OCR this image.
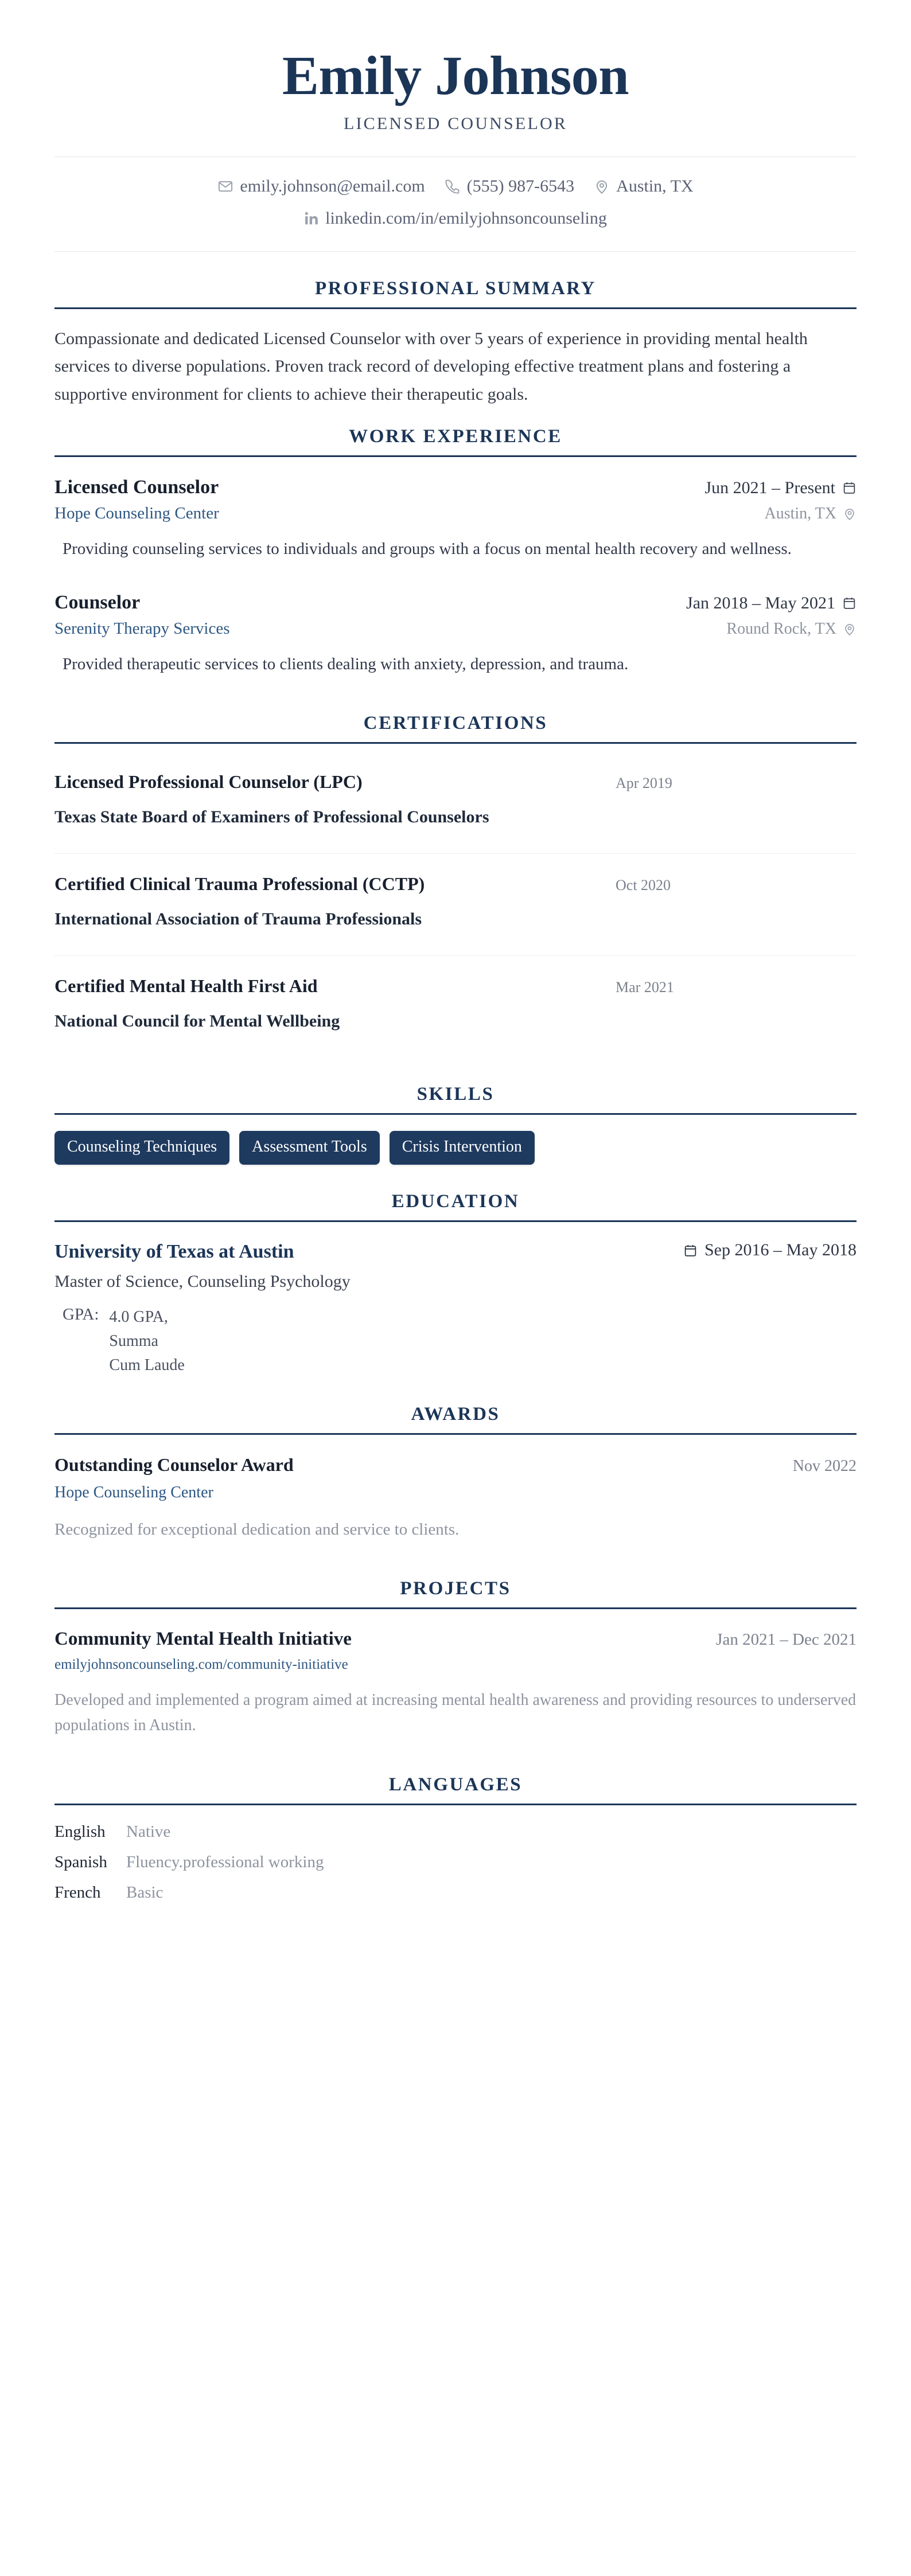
Emily Johnson
LICENSED COUNSELOR
emily.johnson@email.com (555) 987-6543 Austin, TX
linkedin.com/in/emilyjohnsoncounseling
PROFESSIONAL SUMMARY

Compassionate and dedicated Licensed Counselor with over 5 years of experience in providing mental health services to diverse populations. Proven track record of developing effective treatment plans and fostering a supportive environment for clients to achieve their therapeutic goals.

WORK EXPERIENCE
Licensed Counselor	Jun 2021 – Present
Hope Counseling Center	Austin, TX
Providing counseling services to individuals and groups with a focus on mental health recovery and wellness.
Counselor	Jan 2018 – May 2021
Serenity Therapy Services	Round Rock, TX
Provided therapeutic services to clients dealing with anxiety, depression, and trauma.
CERTIFICATIONS
Licensed Professional Counselor (LPC)	Apr 2019
Texas State Board of Examiners of Professional Counselors
Certified Clinical Trauma Professional (CCTP)	Oct 2020
International Association of Trauma Professionals
Certified Mental Health First Aid	Mar 2021
National Council for Mental Wellbeing
SKILLS
Counseling Techniques	Assessment Tools	Crisis Intervention
EDUCATION
University of Texas at Austin	Sep 2016 – May 2018
Master of Science, Counseling Psychology
GPA: 4.0 GPA, Summa Cum Laude
AWARDS
Outstanding Counselor Award	Nov 2022
Hope Counseling Center
Recognized for exceptional dedication and service to clients.
PROJECTS
Community Mental Health Initiative	Jan 2021 – Dec 2021
emilyjohnsoncounseling.com/community-initiative
Developed and implemented a program aimed at increasing mental health awareness and providing resources to underserved populations in Austin.
LANGUAGES
English	Native
Spanish	Fluency.professional working
French	Basic
